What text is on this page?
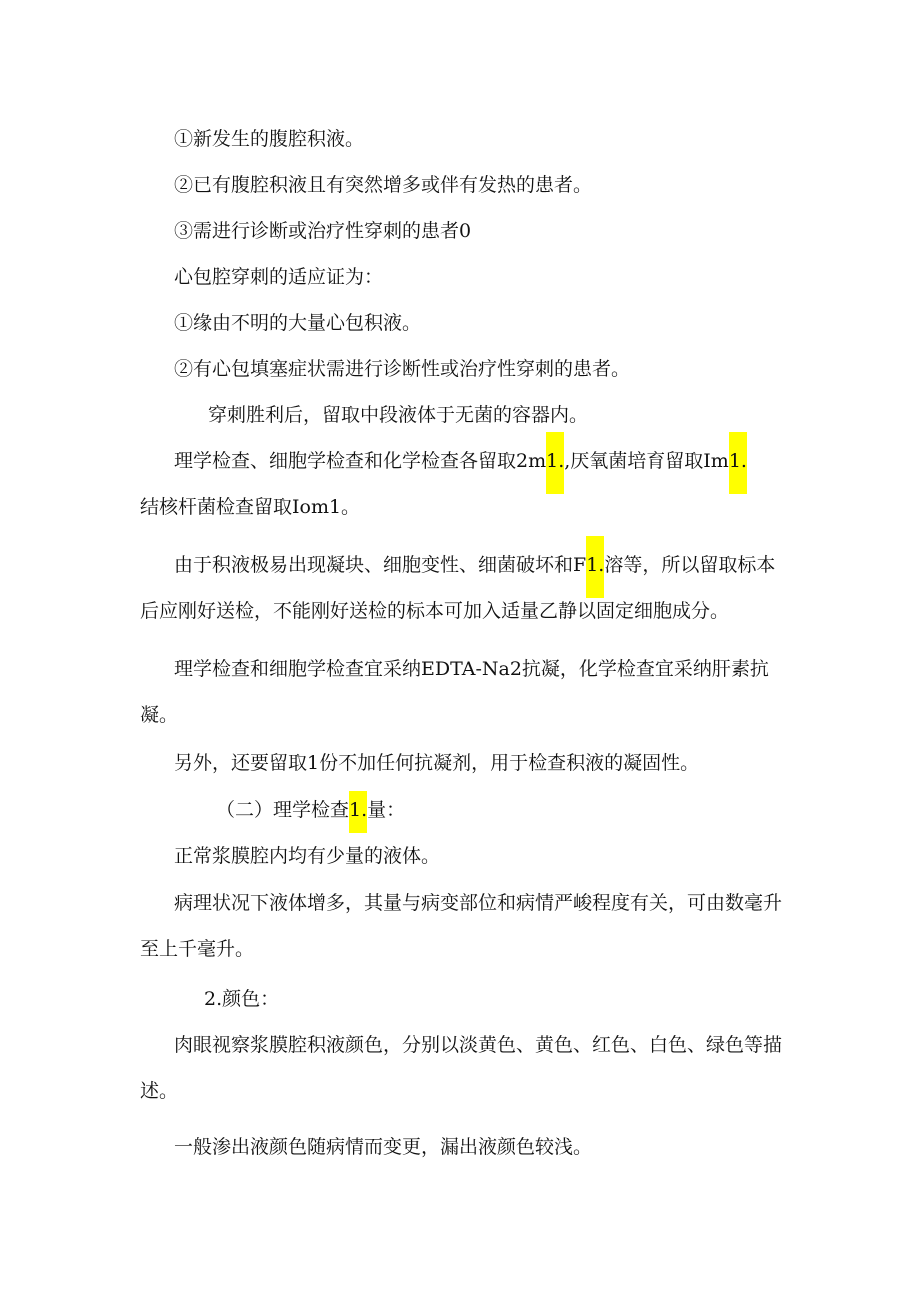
①新发生的腹腔积液。
②已有腹腔积液且有突然增多或伴有发热的患者。
③需进行诊断或治疗性穿刺的患者0
心包腔穿刺的适应证为：
①缘由不明的大量心包积液。
②有心包填塞症状需进行诊断性或治疗性穿刺的患者。
穿刺胜利后，留取中段液体于无菌的容器内。
理学检查、细胞学检查和化学检查各留取2m1.,厌氧菌培育留取Im1.
结核杆菌检查留取Iom1。
由于积液极易出现凝块、细胞变性、细菌破坏和F1.溶等，所以留取标本后应刚好送检，不能刚好送检的标本可加入适量乙静以固定细胞成分。
理学检查和细胞学检查宜采纳EDTA-Na2抗凝，化学检查宜采纳肝素抗凝。
另外，还要留取1份不加任何抗凝剂，用于检查积液的凝固性。
（二）理学检查1.量：
正常浆膜腔内均有少量的液体。
病理状况下液体增多，其量与病变部位和病情严峻程度有关，可由数毫升至上千毫升。
2.颜色：
肉眼视察浆膜腔积液颜色，分别以淡黄色、黄色、红色、白色、绿色等描述。
一般渗出液颜色随病情而变更，漏出液颜色较浅。
